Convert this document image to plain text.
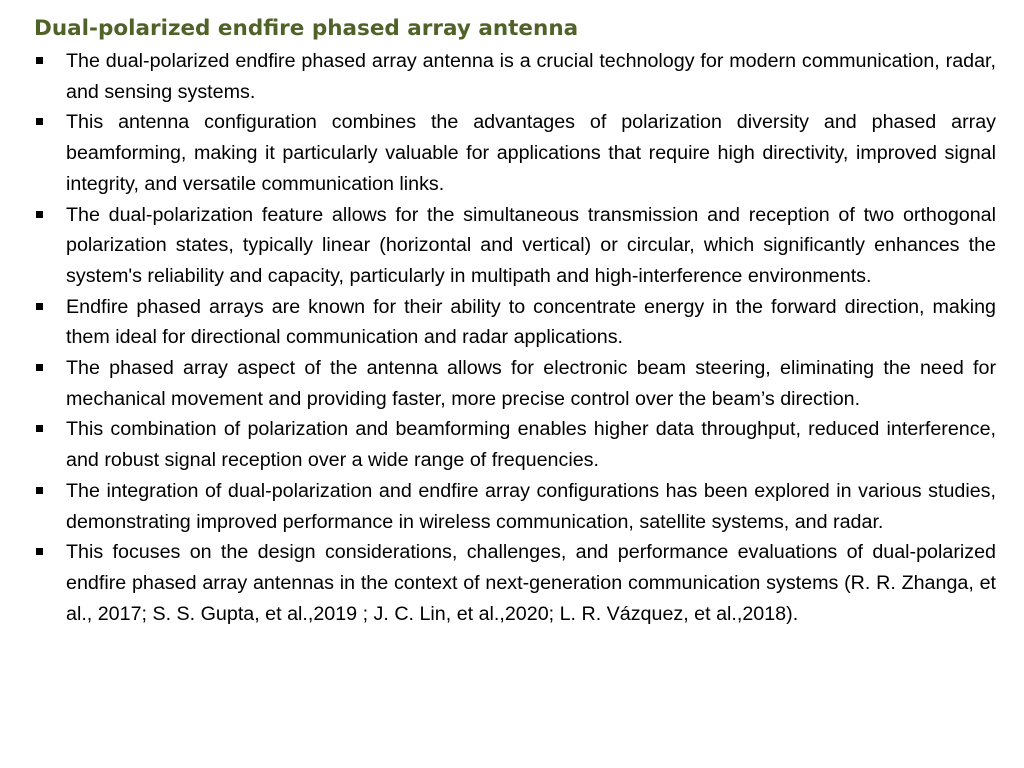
Dual-polarized endfire phased array antenna
The dual-polarized endfire phased array antenna is a crucial technology for modern communication, radar, and sensing systems.
This antenna configuration combines the advantages of polarization diversity and phased array beamforming, making it particularly valuable for applications that require high directivity, improved signal integrity, and versatile communication links.
The dual-polarization feature allows for the simultaneous transmission and reception of two orthogonal polarization states, typically linear (horizontal and vertical) or circular, which significantly enhances the system's reliability and capacity, particularly in multipath and high-interference environments.
Endfire phased arrays are known for their ability to concentrate energy in the forward direction, making them ideal for directional communication and radar applications.
The phased array aspect of the antenna allows for electronic beam steering, eliminating the need for mechanical movement and providing faster, more precise control over the beam’s direction.
This combination of polarization and beamforming enables higher data throughput, reduced interference, and robust signal reception over a wide range of frequencies.
The integration of dual-polarization and endfire array configurations has been explored in various studies, demonstrating improved performance in wireless communication, satellite systems, and radar.
This focuses on the design considerations, challenges, and performance evaluations of dual-polarized endfire phased array antennas in the context of next-generation communication systems (R. R. Zhanga, et al., 2017; S. S. Gupta, et al.,2019 ; J. C. Lin, et al.,2020; L. R. Vázquez, et al.,2018).
